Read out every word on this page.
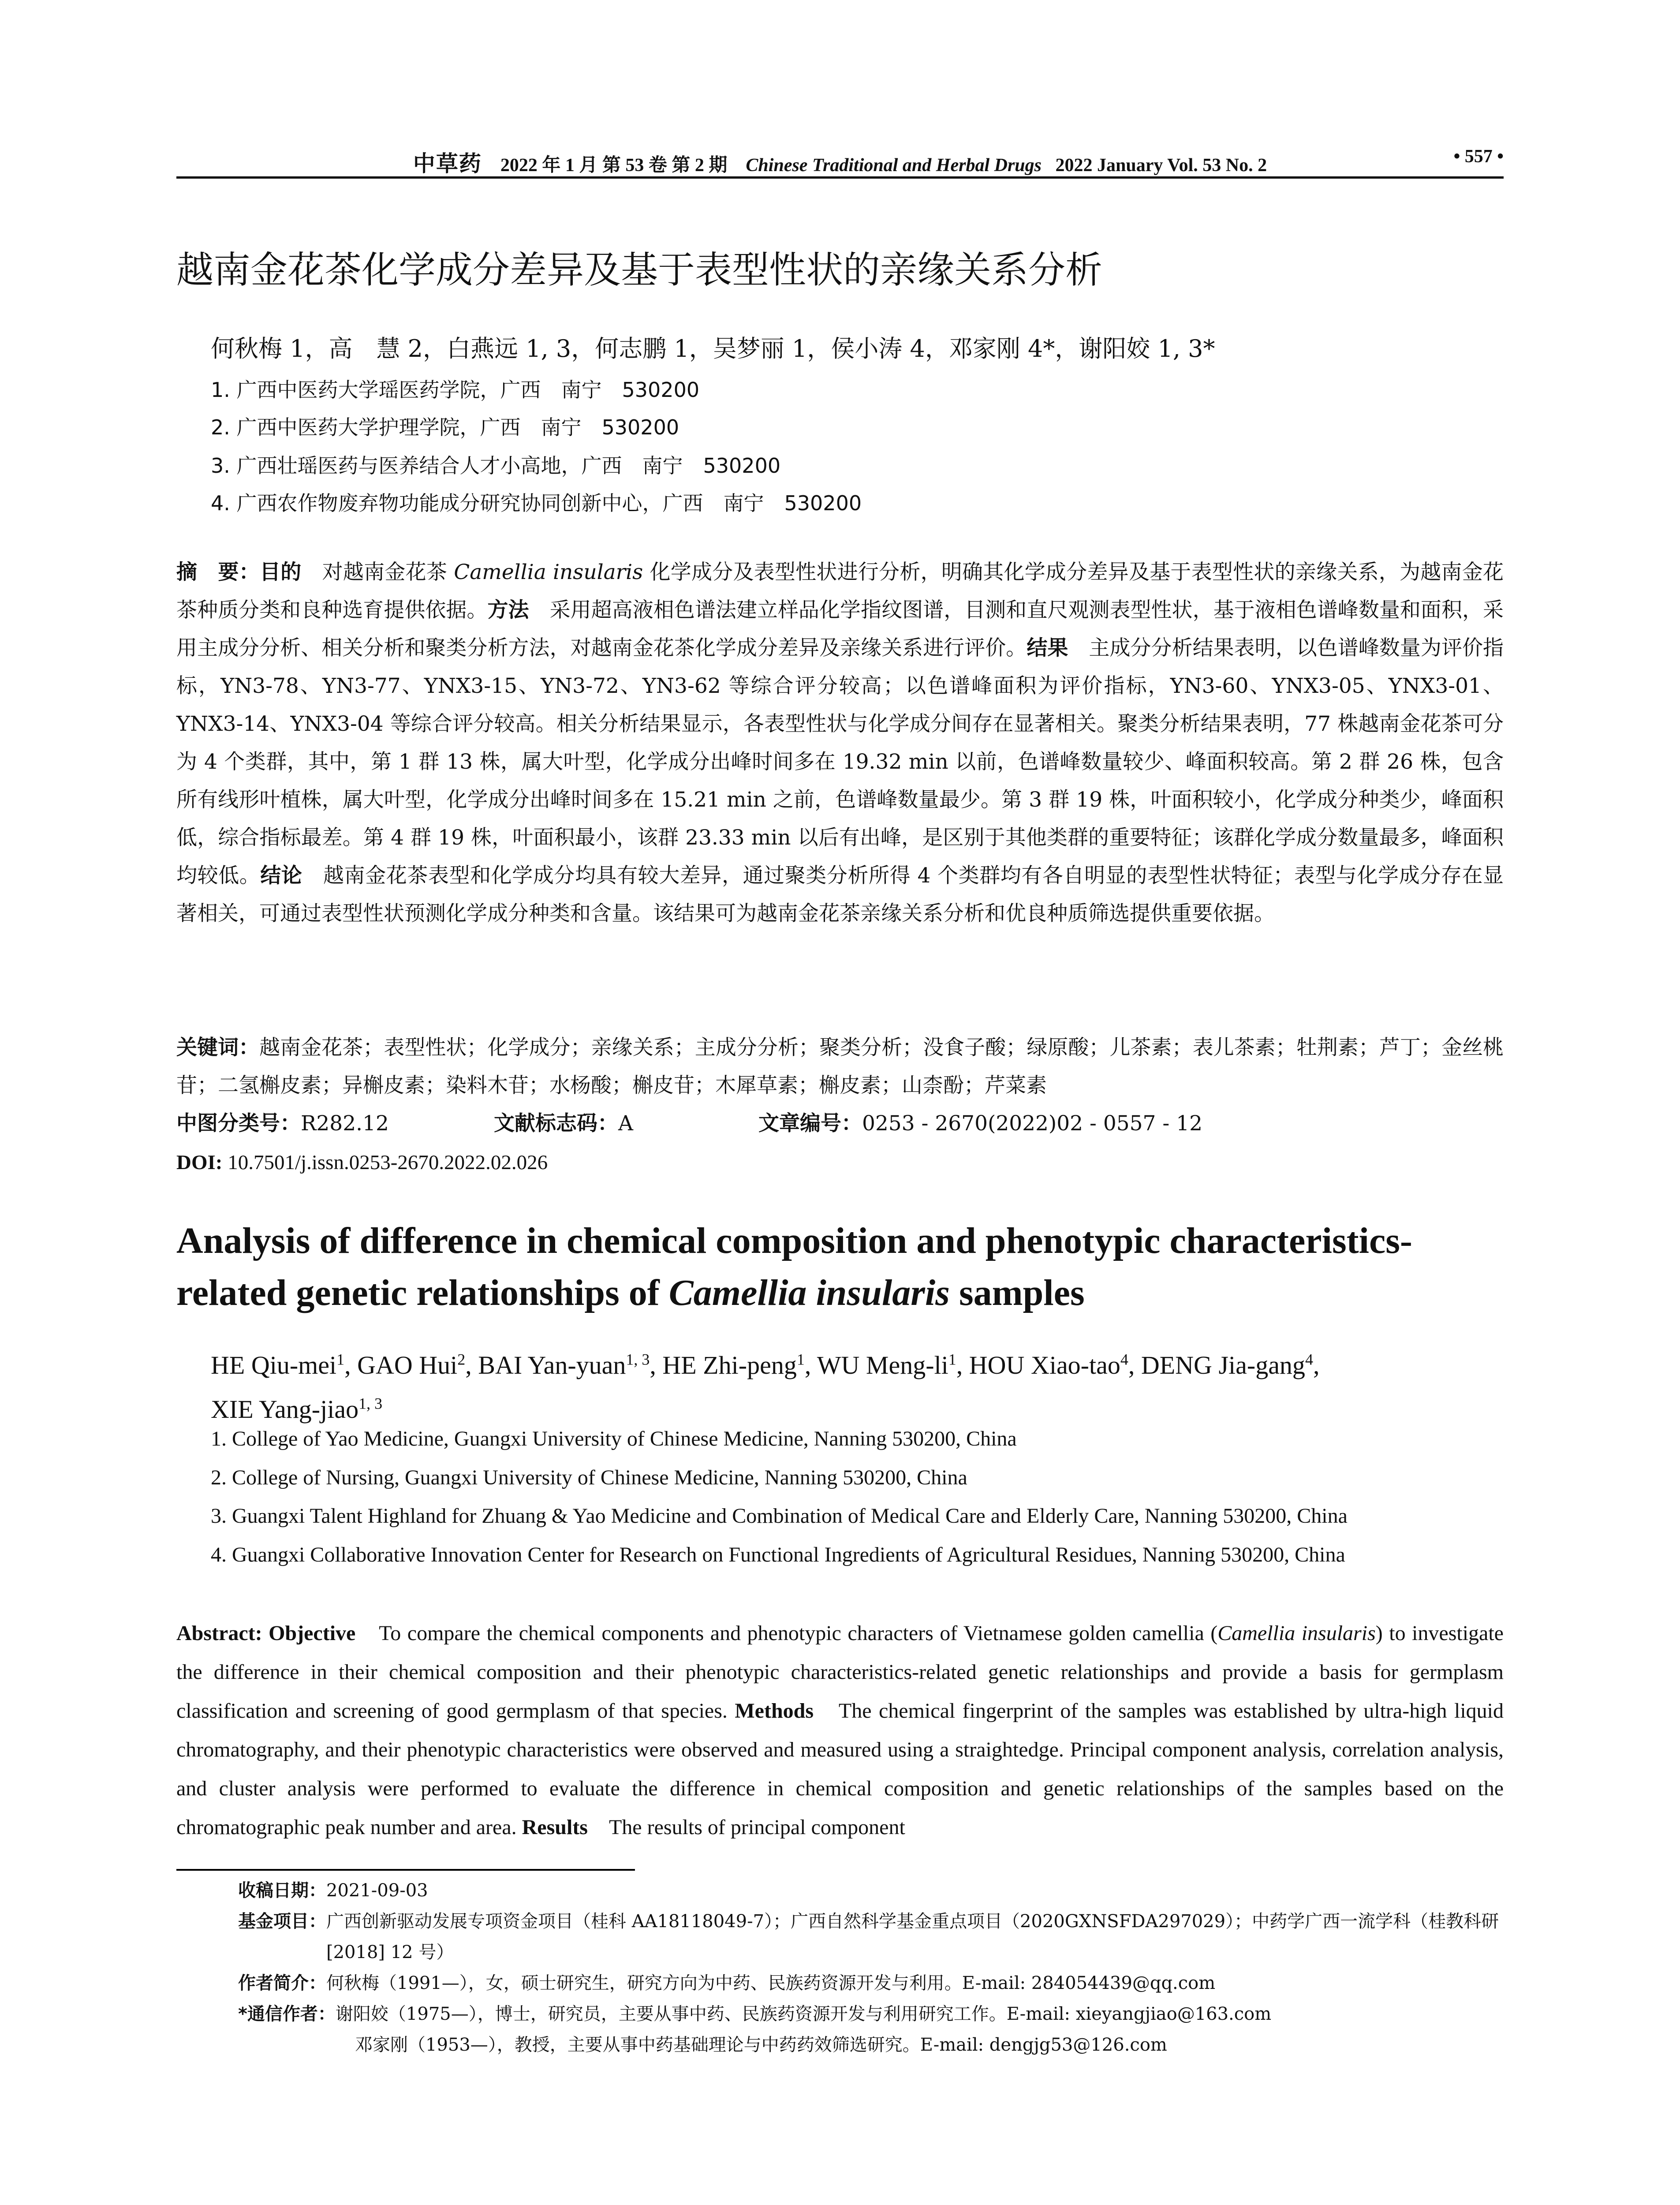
中草药 2022 年 1 月 第 53 卷 第 2 期 Chinese Traditional and Herbal Drugs 2022 January Vol. 53 No. 2	• 557 •
越南金花茶化学成分差异及基于表型性状的亲缘关系分析
何秋梅 1，高　慧 2，白燕远 1, 3，何志鹏 1，吴梦丽 1，侯小涛 4，邓家刚 4*，谢阳姣 1, 3*
1. 广西中医药大学瑶医药学院，广西　南宁　530200
2. 广西中医药大学护理学院，广西　南宁　530200
3. 广西壮瑶医药与医养结合人才小高地，广西　南宁　530200
4. 广西农作物废弃物功能成分研究协同创新中心，广西　南宁　530200

摘　要：目的　对越南金花茶 Camellia insularis 化学成分及表型性状进行分析，明确其化学成分差异及基于表型性状的亲缘关系，为越南金花茶种质分类和良种选育提供依据。方法　采用超高液相色谱法建立样品化学指纹图谱，目测和直尺观测表型性状，基于液相色谱峰数量和面积，采用主成分分析、相关分析和聚类分析方法，对越南金花茶化学成分差异及亲缘关系进行评价。结果　主成分分析结果表明，以色谱峰数量为评价指标，YN3-78、YN3-77、YNX3-15、YN3-72、YN3-62 等综合评分较高；以色谱峰面积为评价指标，YN3-60、YNX3-05、YNX3-01、YNX3-14、YNX3-04 等综合评分较高。相关分析结果显示，各表型性状与化学成分间存在显著相关。聚类分析结果表明，77 株越南金花茶可分为 4 个类群，其中，第 1 群 13 株，属大叶型，化学成分出峰时间多在 19.32 min 以前，色谱峰数量较少、峰面积较高。第 2 群 26 株，包含所有线形叶植株，属大叶型，化学成分出峰时间多在 15.21 min 之前，色谱峰数量最少。第 3 群 19 株，叶面积较小，化学成分种类少，峰面积低，综合指标最差。第 4 群 19 株，叶面积最小，该群 23.33 min 以后有出峰，是区别于其他类群的重要特征；该群化学成分数量最多，峰面积均较低。结论　越南金花茶表型和化学成分均具有较大差异，通过聚类分析所得 4 个类群均有各自明显的表型性状特征；表型与化学成分存在显著相关，可通过表型性状预测化学成分种类和含量。该结果可为越南金花茶亲缘关系分析和优良种质筛选提供重要依据。

关键词：越南金花茶；表型性状；化学成分；亲缘关系；主成分分析；聚类分析；没食子酸；绿原酸；儿茶素；表儿茶素；牡荆素；芦丁；金丝桃苷；二氢槲皮素；异槲皮素；染料木苷；水杨酸；槲皮苷；木犀草素；槲皮素；山柰酚；芹菜素

中图分类号：R282.12	文献标志码：A	文章编号：0253 - 2670(2022)02 - 0557 - 12
DOI: 10.7501/j.issn.0253-2670.2022.02.026
Analysis of difference in chemical composition and phenotypic characteristics-related genetic relationships of Camellia insularis samples

HE Qiu-mei$^1$, GAO Hui$^2$, BAI Yan-yuan$^{1, 3}$, HE Zhi-peng$^1$, WU Meng-$li^1$, HOU Xiao-tao$^4$, DENG Jia-gang$^4$,
XIE Yang-jiao$^{1, 3}$

1. College of Yao Medicine, Guangxi University of Chinese Medicine, Nanning 530200, China
2. College of Nursing, Guangxi University of Chinese Medicine, Nanning 530200, China
3. Guangxi Talent Highland for Zhuang & Yao Medicine and Combination of Medical Care and Elderly Care, Nanning 530200, China
4. Guangxi Collaborative Innovation Center for Research on Functional Ingredients of Agricultural Residues, Nanning 530200, China

Abstract: Objective　To compare the chemical components and phenotypic characters of Vietnamese golden camellia (Camellia insularis) to investigate the difference in their chemical composition and their phenotypic characteristics-related genetic relationships and provide a basis for germplasm classification and screening of good germplasm of that species. Methods　The chemical fingerprint of the samples was established by ultra-high liquid chromatography, and their phenotypic characteristics were observed and measured using a straightedge. Principal component analysis, correlation analysis, and cluster analysis were performed to evaluate the difference in chemical composition and genetic relationships of the samples based on the chromatographic peak number and area. Results　The results of principal component

收稿日期： 2021-09-03
基金项目： 广西创新驱动发展专项资金项目（桂科 AA18118049-7）；广西自然科学基金重点项目（2020GXNSFDA297029）；中药学广西一流学科（桂教科研 [2018] 12 号）
作者简介： 何秋梅（1991—），女，硕士研究生，研究方向为中药、民族药资源开发与利用。E-mail: 284054439@qq.com
*通信作者： 谢阳姣（1975—），博士，研究员，主要从事中药、民族药资源开发与利用研究工作。E-mail: xieyangjiao@163.com
邓家刚（1953—），教授，主要从事中药基础理论与中药药效筛选研究。E-mail: dengjg53@126.com
